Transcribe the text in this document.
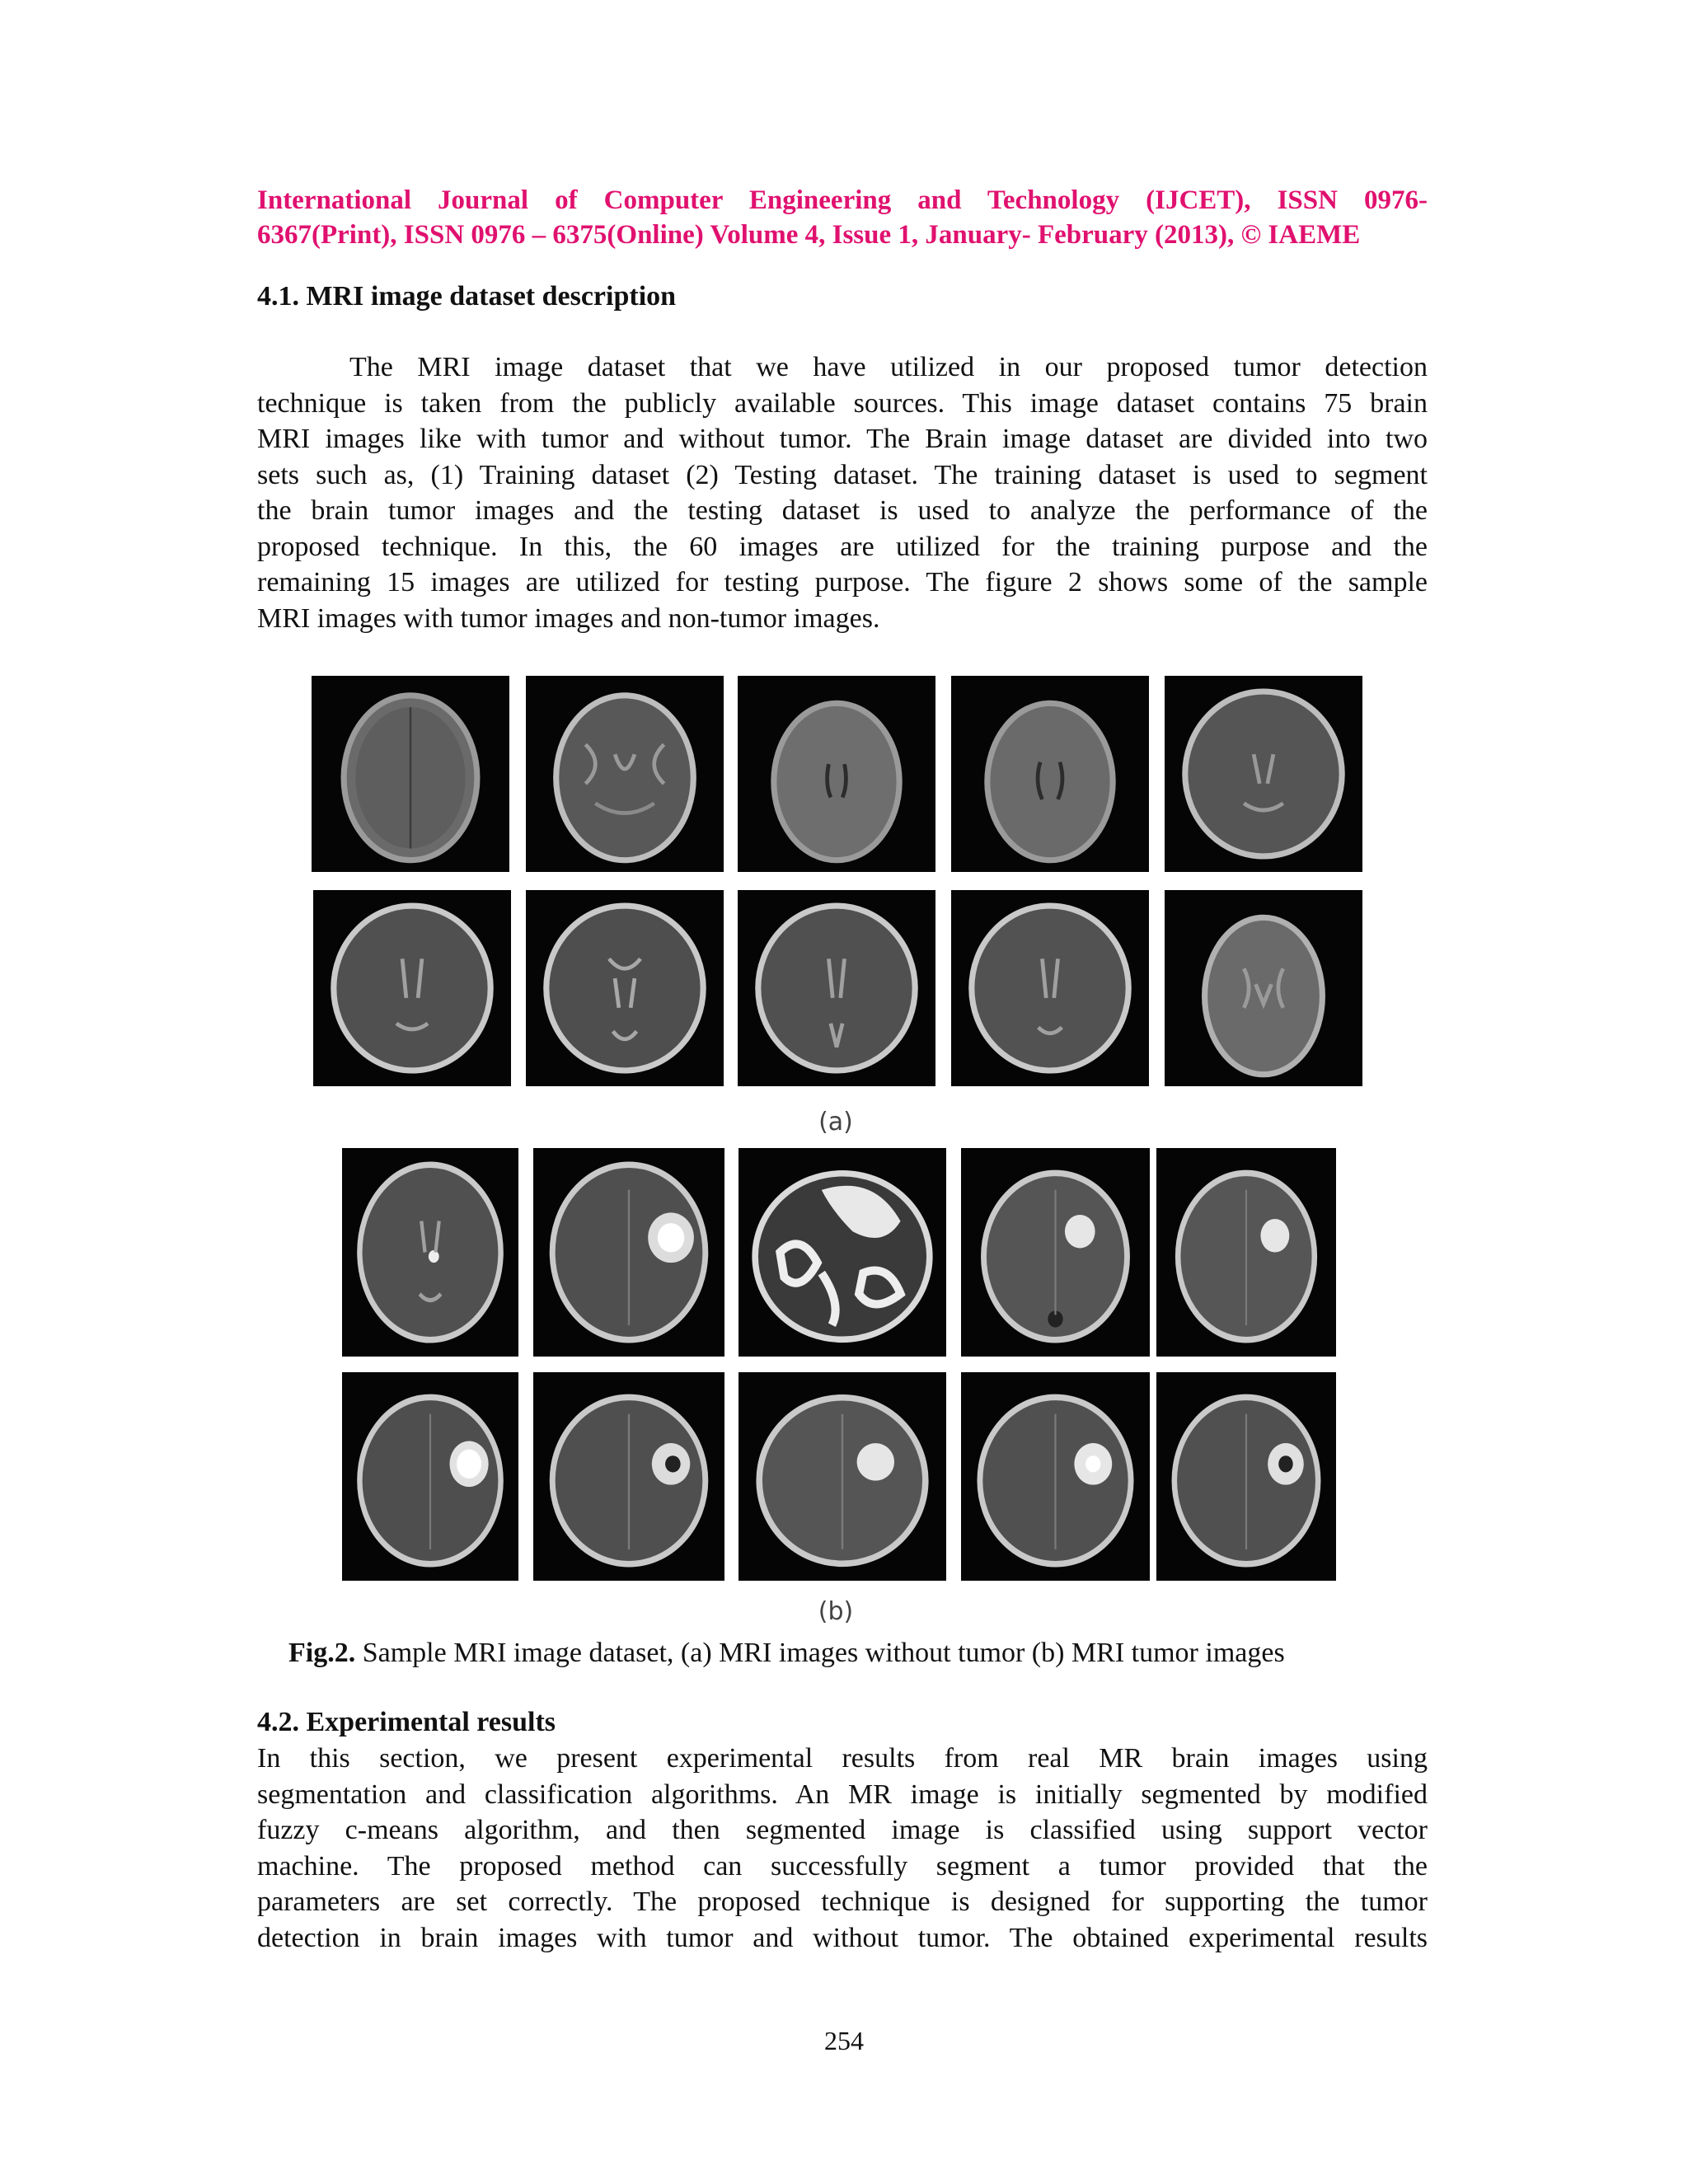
International Journal of Computer Engineering and Technology (IJCET), ISSN 0976-
6367(Print), ISSN 0976 – 6375(Online) Volume 4, Issue 1, January- February (2013), © IAEME
4.1. MRI image dataset description
The MRI image dataset that we have utilized in our proposed tumor detection
technique is taken from the publicly available sources. This image dataset contains 75 brain
MRI images like with tumor and without tumor. The Brain image dataset are divided into two
sets such as, (1) Training dataset (2) Testing dataset. The training dataset is used to segment
the brain tumor images and the testing dataset is used to analyze the performance of the
proposed technique. In this, the 60 images are utilized for the training purpose and the
remaining 15 images are utilized for testing purpose. The figure 2 shows some of the sample
MRI images with tumor images and non-tumor images.
(a)
(b)
Fig.2. Sample MRI image dataset, (a) MRI images without tumor (b) MRI tumor images
4.2. Experimental results
In this section, we present experimental results from real MR brain images using
segmentation and classification algorithms. An MR image is initially segmented by modified
fuzzy c-means algorithm, and then segmented image is classified using support vector
machine. The proposed method can successfully segment a tumor provided that the
parameters are set correctly. The proposed technique is designed for supporting the tumor
detection in brain images with tumor and without tumor. The obtained experimental results
254
